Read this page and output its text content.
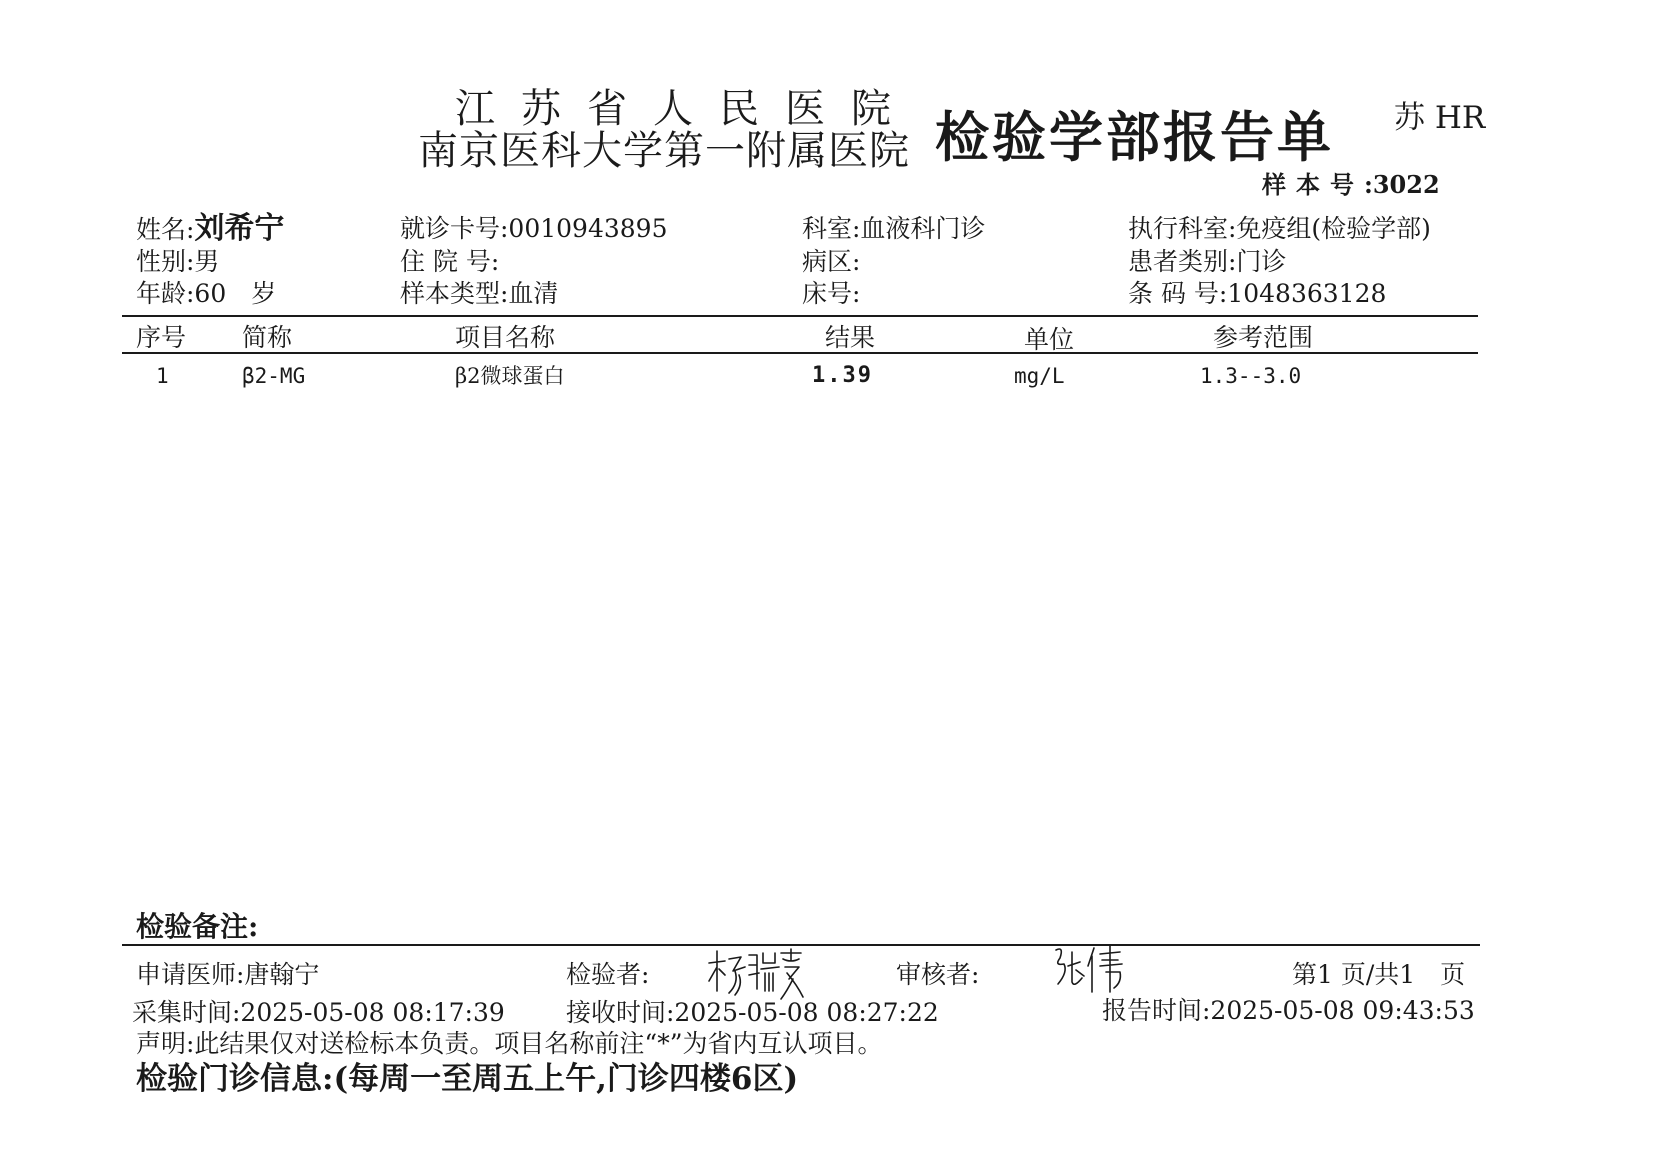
江苏省人民医院
南京医科大学第一附属医院 检验学部报告单 苏 HR
样本号:3022
姓名:刘希宁
性别:男
年龄:60　岁
就诊卡号:0010943895
住 院 号:
样本类型:血清
科室:血液科门诊
病区:
床号:
执行科室:免疫组(检验学部)
患者类别:门诊
条 码 号:1048363128
序号 简称	项目名称	结果	单位	参考范围
1	β2-MG	β2微球蛋白	1.39	mg/L	1.3--3.0
检验备注:
申请医师:唐翰宁	检验者:	审核者:	第1 页/共1　页
采集时间:2025-05-08 08:17:39 接收时间:2025-05-08 08:27:22	报告时间:2025-05-08 09:43:53
声明:此结果仅对送检标本负责。项目名称前注“*”为省内互认项目。
检验门诊信息:(每周一至周五上午,门诊四楼6区)
